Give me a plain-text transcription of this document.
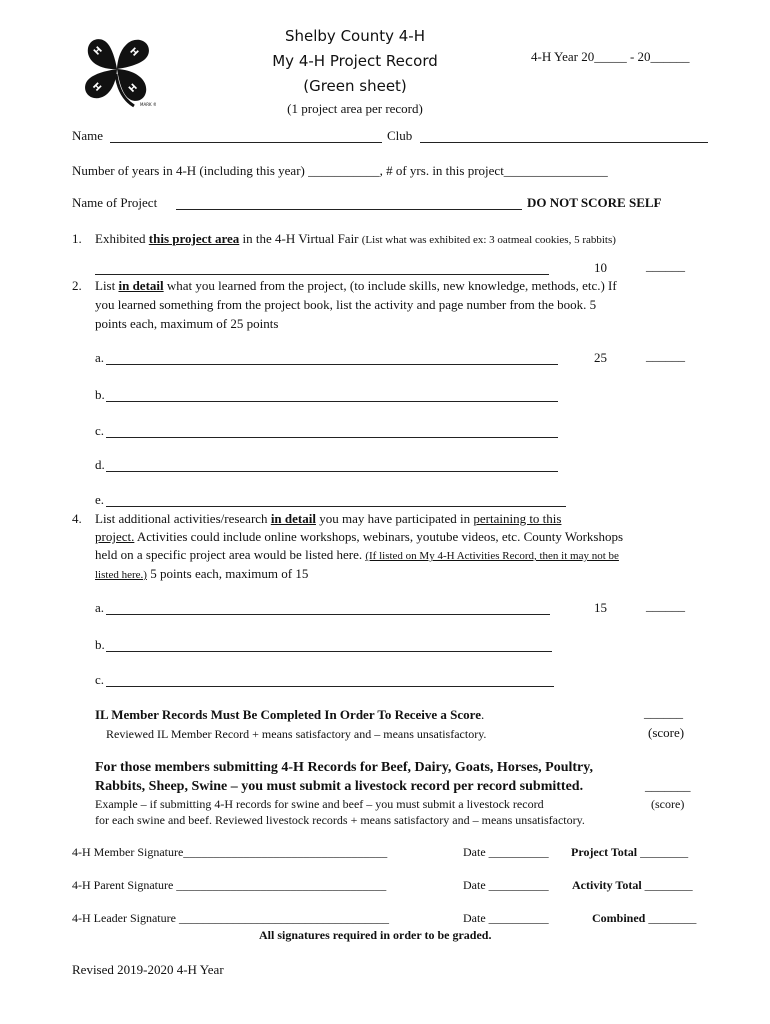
H	H
H
H
MARK ®
Shelby County 4-H
My 4-H Project Record
(Green sheet)
(1 project area per record)
4-H Year 20_____ - 20______
Name	Club
Number of years in 4-H (including this year) ___________, # of yrs. in this project________________
Name of Project	DO NOT SCORE SELF
1. Exhibited this project area in the 4-H Virtual Fair (List what was exhibited ex: 3 oatmeal cookies, 5 rabbits)
10	______
2. List in detail what you learned from the project, (to include skills, new knowledge, methods, etc.) If
you learned something from the project book, list the activity and page number from the book. 5
points each, maximum of 25 points
a.	25	______
b.
c.
d.
e.
4. List additional activities/research in detail you may have participated in pertaining to this
project. Activities could include online workshops, webinars, youtube videos, etc. County Workshops
held on a specific project area would be listed here. (If listed on My 4-H Activities Record, then it may not be
listed here.) 5 points each, maximum of 15
a.	15	______
b.
c.
IL Member Records Must Be Completed In Order To Receive a Score.	______
Reviewed IL Member Record + means satisfactory and – means unsatisfactory.	(score)
For those members submitting 4-H Records for Beef, Dairy, Goats, Horses, Poultry,
Rabbits, Sheep, Swine – you must submit a livestock record per record submitted.	_______
Example – if submitting 4-H records for swine and beef – you must submit a livestock record	(score)
for each swine and beef. Reviewed livestock records + means satisfactory and – means unsatisfactory.
4-H Member Signature__________________________________	Date __________ Project Total ________
4-H Parent Signature ___________________________________	Date __________ Activity Total ________
4-H Leader Signature ___________________________________	Date __________	Combined ________
All signatures required in order to be graded.
Revised 2019-2020 4-H Year
